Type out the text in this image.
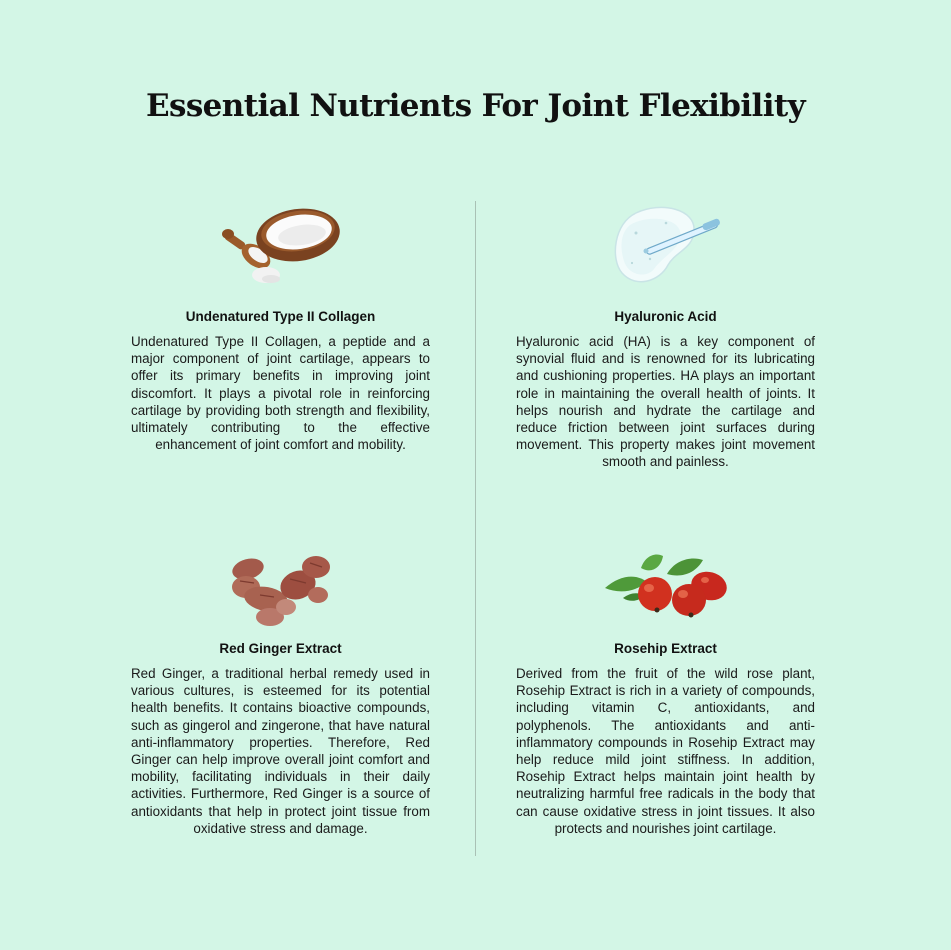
Essential Nutrients For Joint Flexibility
Undenatured Type II Collagen

Undenatured Type II Collagen, a peptide and a major component of joint cartilage, appears to offer its primary benefits in improving joint discomfort. It plays a pivotal role in reinforcing cartilage by providing both strength and flexibility, ultimately contributing to the effective enhancement of joint comfort and mobility.

Hyaluronic Acid

Hyaluronic acid (HA) is a key component of synovial fluid and is renowned for its lubricating and cushioning properties. HA plays an important role in maintaining the overall health of joints. It helps nourish and hydrate the cartilage and reduce friction between joint surfaces during movement. This property makes joint movement smooth and painless.

Red Ginger Extract

Red Ginger, a traditional herbal remedy used in various cultures, is esteemed for its potential health benefits. It contains bioactive compounds, such as gingerol and zingerone, that have natural anti-inflammatory properties. Therefore, Red Ginger can help improve overall joint comfort and mobility, facilitating individuals in their daily activities. Furthermore, Red Ginger is a source of antioxidants that help in protect joint tissue from oxidative stress and damage.

Rosehip Extract

Derived from the fruit of the wild rose plant, Rosehip Extract is rich in a variety of compounds, including vitamin C, antioxidants, and polyphenols. The antioxidants and anti-inflammatory compounds in Rosehip Extract may help reduce mild joint stiffness. In addition, Rosehip Extract helps maintain joint health by neutralizing harmful free radicals in the body that can cause oxidative stress in joint tissues. It also protects and nourishes joint cartilage.
